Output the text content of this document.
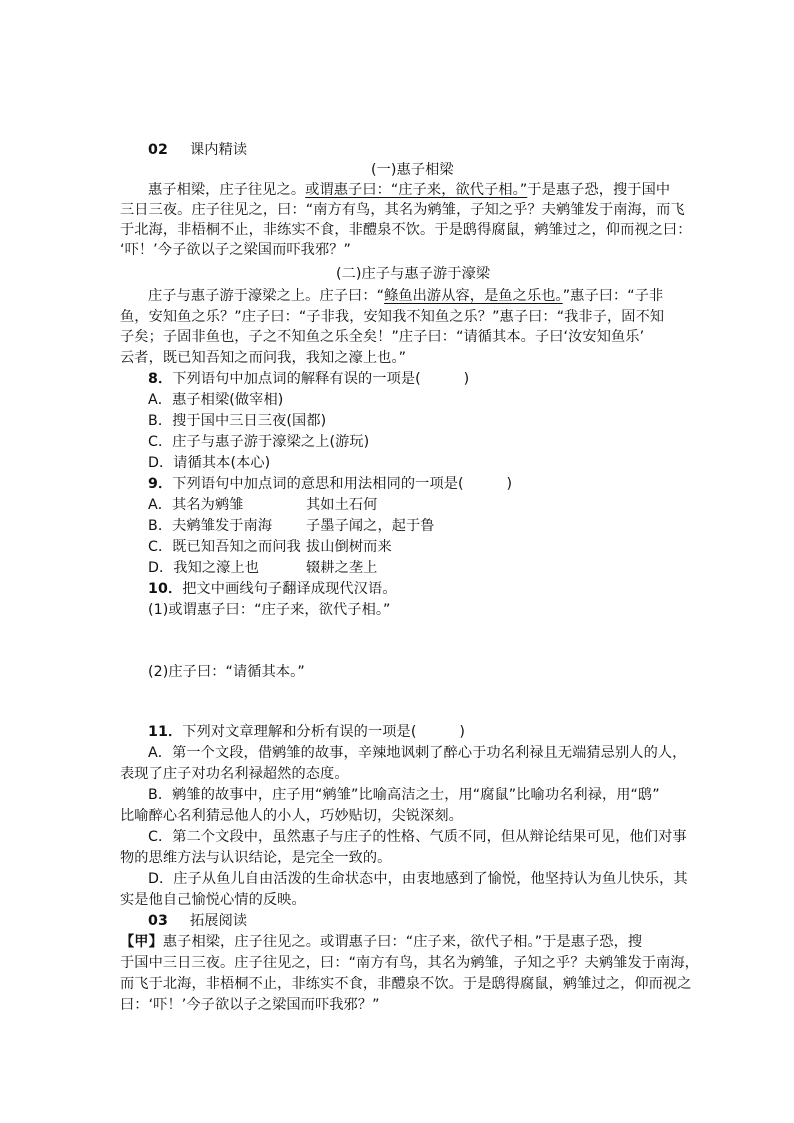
02 课内精读
(一)惠子相梁
惠子相梁，庄子往见之。或谓惠子曰：“庄子来，欲代子相。”于是惠子恐，搜于国中
三日三夜。庄子往见之，曰：“南方有鸟，其名为鹓雏，子知之乎？夫鹓雏发于南海，而飞
于北海，非梧桐不止，非练实不食，非醴泉不饮。于是鸱得腐鼠，鹓雏过之，仰而视之曰：
‘吓！’今子欲以子之梁国而吓我邪？”
(二)庄子与惠子游于濠梁
庄子与惠子游于濠梁之上。庄子曰：“鲦鱼出游从容，是鱼之乐也。”惠子曰：“子非
鱼，安知鱼之乐？”庄子曰：“子非我，安知我不知鱼之乐？”惠子曰：“我非子，固不知
子矣；子固非鱼也，子之不知鱼之乐全矣！”庄子曰：“请循其本。子曰‘汝安知鱼乐’
云者，既已知吾知之而问我，我知之濠上也。”
8．下列语句中加点词的解释有误的一项是(　　　)
A．惠子相梁(做宰相)
B．搜于国中三日三夜(国都)
C．庄子与惠子游于濠梁之上(游玩)
D．请循其本(本心)
9．下列语句中加点词的意思和用法相同的一项是(　　　)
A．其名为鹓雏	其如土石何
B．夫鹓雏发于南海 子墨子闻之，起于鲁
C．既已知吾知之而问我 拔山倒树而来
D．我知之濠上也	辍耕之垄上
10．把文中画线句子翻译成现代汉语。
(1)或谓惠子曰：“庄子来，欲代子相。”
(2)庄子曰：“请循其本。”
11．下列对文章理解和分析有误的一项是(　　　)
A．第一个文段，借鹓雏的故事，辛辣地讽刺了醉心于功名利禄且无端猜忌别人的人，
表现了庄子对功名利禄超然的态度。
B．鹓雏的故事中，庄子用“鹓雏”比喻高洁之士，用“腐鼠”比喻功名利禄，用“鸱”
比喻醉心名利猜忌他人的小人，巧妙贴切，尖锐深刻。
C．第二个文段中，虽然惠子与庄子的性格、气质不同，但从辩论结果可见，他们对事
物的思维方法与认识结论，是完全一致的。
D．庄子从鱼儿自由活泼的生命状态中，由衷地感到了愉悦，他坚持认为鱼儿快乐，其
实是他自己愉悦心情的反映。
03 拓展阅读
【甲】惠子相梁，庄子往见之。或谓惠子曰：“庄子来，欲代子相。”于是惠子恐，搜
于国中三日三夜。庄子往见之，曰：“南方有鸟，其名为鹓雏，子知之乎？夫鹓雏发于南海，
而飞于北海，非梧桐不止，非练实不食，非醴泉不饮。于是鸱得腐鼠，鹓雏过之，仰而视之
曰：‘吓！’今子欲以子之梁国而吓我邪？”
